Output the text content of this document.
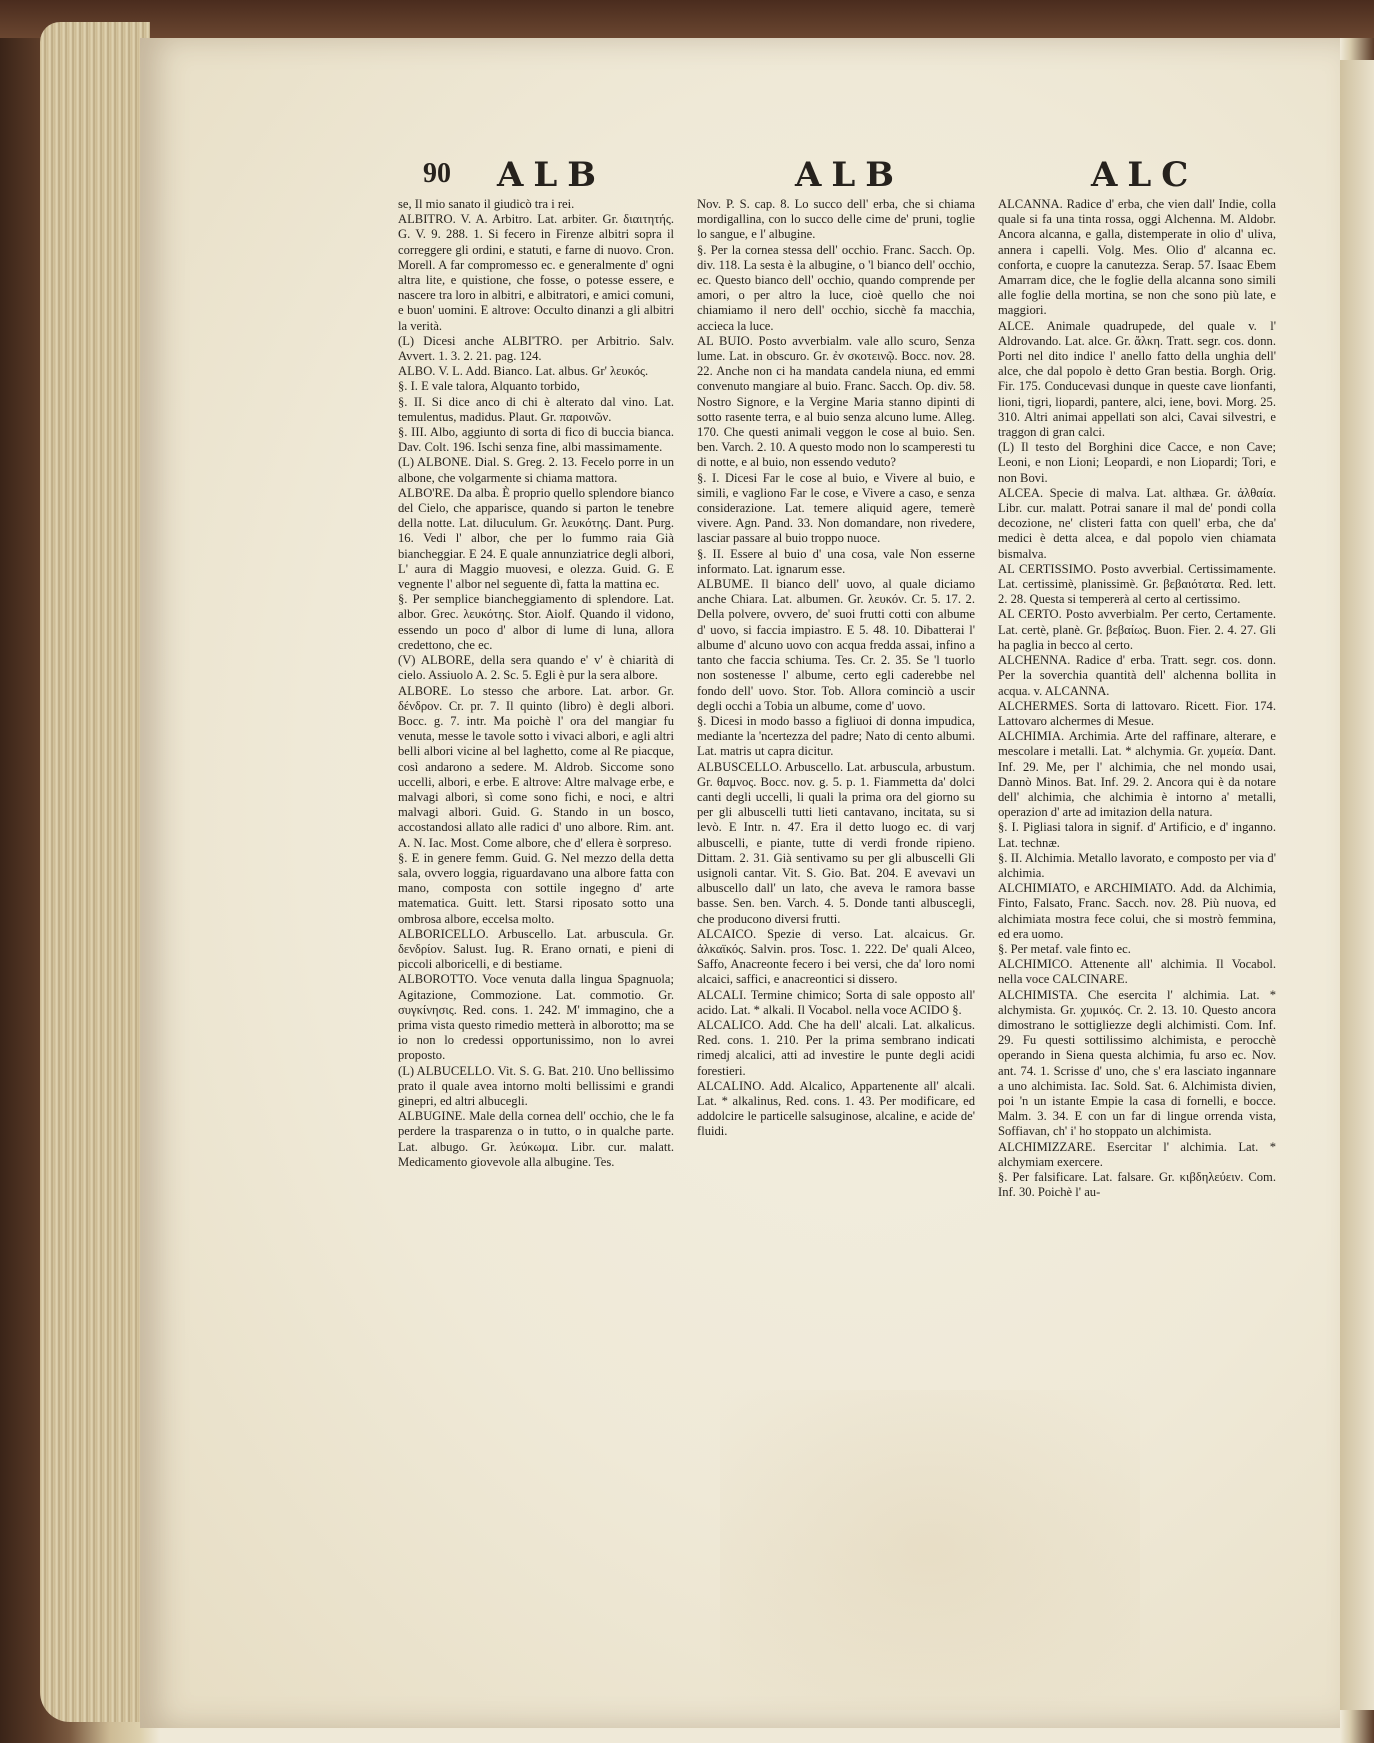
90 ALB	ALB	ALC
se, Il mio sanato il giudicò tra i rei.
ALBITRO. V. A. Arbitro. Lat. arbiter. Gr. διαιτητής. G. V. 9. 288. 1. Si fecero in Firenze albitri sopra il correggere gli ordini, e statuti, e farne di nuovo. Cron. Morell. A far compromesso ec. e generalmente d' ogni altra lite, e quistione, che fosse, o potesse essere, e nascere tra loro in albitri, e albitratori, e amici comuni, e buon' uomini. E altrove: Occulto dinanzi a gli albitri la verità.
(L) Dicesi anche ALBI'TRO. per Arbitrio. Salv. Avvert. 1. 3. 2. 21. pag. 124.
ALBO. V. L. Add. Bianco. Lat. albus. Gr' λευκός.
§. I. E vale talora, Alquanto torbido,
§. II. Si dice anco di chi è alterato dal vino. Lat. temulentus, madidus. Plaut. Gr. παροινῶν.
§. III. Albo, aggiunto di sorta di fico di buccia bianca. Dav. Colt. 196. Ischi senza fine, albi massimamente.
(L) ALBONE. Dial. S. Greg. 2. 13. Fecelo porre in un albone, che volgarmente si chiama mattora.
ALBO'RE. Da alba. È proprio quello splendore bianco del Cielo, che apparisce, quando si parton le tenebre della notte. Lat. diluculum. Gr. λευκότης. Dant. Purg. 16. Vedi l' albor, che per lo fummo raia Già biancheggiar. E 24. E quale annunziatrice degli albori, L' aura di Maggio muovesi, e olezza. Guid. G. E vegnente l' albor nel seguente dì, fatta la mattina ec.
§. Per semplice biancheggiamento di splendore. Lat. albor. Grec. λευκότης. Stor. Aiolf. Quando il vidono, essendo un poco d' albor di lume di luna, allora credettono, che ec.
(V) ALBORE, della sera quando e' v' è chiarità di cielo. Assiuolo A. 2. Sc. 5. Egli è pur la sera albore.
ALBORE. Lo stesso che arbore. Lat. arbor. Gr. δένδρον. Cr. pr. 7. Il quinto (libro) è degli albori. Bocc. g. 7. intr. Ma poichè l' ora del mangiar fu venuta, messe le tavole sotto i vivaci albori, e agli altri belli albori vicine al bel laghetto, come al Re piacque, così andarono a sedere. M. Aldrob. Siccome sono uccelli, albori, e erbe. E altrove: Altre malvage erbe, e malvagi albori, sì come sono fichi, e noci, e altri malvagi albori. Guid. G. Stando in un bosco, accostandosi allato alle radici d' uno albore. Rim. ant. A. N. Iac. Most. Come albore, che d' ellera è sorpreso.
§. E in genere femm. Guid. G. Nel mezzo della detta sala, ovvero loggia, riguardavano una albore fatta con mano, composta con sottile ingegno d' arte matematica. Guitt. lett. Starsi riposato sotto una ombrosa albore, eccelsa molto.
ALBORICELLO. Arbuscello. Lat. arbuscula. Gr. δενδρίον. Salust. Iug. R. Erano ornati, e pieni di piccoli alboricelli, e di bestiame.
ALBOROTTO. Voce venuta dalla lingua Spagnuola; Agitazione, Commozione. Lat. commotio. Gr. συγκίνησις. Red. cons. 1. 242. M' immagino, che a prima vista questo rimedio metterà in alborotto; ma se io non lo credessi opportunissimo, non lo avrei proposto.
(L) ALBUCELLO. Vit. S. G. Bat. 210. Uno bellissimo prato il quale avea intorno molti bellissimi e grandi ginepri, ed altri albucegli.
ALBUGINE. Male della cornea dell' occhio, che le fa perdere la trasparenza o in tutto, o in qualche parte. Lat. albugo. Gr. λεύκωμα. Libr. cur. malatt. Medicamento giovevole alla albugine. Tes.
Nov. P. S. cap. 8. Lo succo dell' erba, che si chiama mordigallina, con lo succo delle cime de' pruni, toglie lo sangue, e l' albugine.
§. Per la cornea stessa dell' occhio. Franc. Sacch. Op. div. 118. La sesta è la albugine, o 'l bianco dell' occhio, ec. Questo bianco dell' occhio, quando comprende per amori, o per altro la luce, cioè quello che noi chiamiamo il nero dell' occhio, sicchè fa macchia, accieca la luce.
AL BUIO. Posto avverbialm. vale allo scuro, Senza lume. Lat. in obscuro. Gr. ἐν σκοτεινῷ. Bocc. nov. 28. 22. Anche non ci ha mandata candela niuna, ed emmi convenuto mangiare al buio. Franc. Sacch. Op. div. 58. Nostro Signore, e la Vergine Maria stanno dipinti di sotto rasente terra, e al buio senza alcuno lume. Alleg. 170. Che questi animali veggon le cose al buio. Sen. ben. Varch. 2. 10. A questo modo non lo scamperesti tu di notte, e al buio, non essendo veduto?
§. I. Dicesi Far le cose al buio, e Vivere al buio, e simili, e vagliono Far le cose, e Vivere a caso, e senza considerazione. Lat. temere aliquid agere, temerè vivere. Agn. Pand. 33. Non domandare, non rivedere, lasciar passare al buio troppo nuoce.
§. II. Essere al buio d' una cosa, vale Non esserne informato. Lat. ignarum esse.
ALBUME. Il bianco dell' uovo, al quale diciamo anche Chiara. Lat. albumen. Gr. λευκόν. Cr. 5. 17. 2. Della polvere, ovvero, de' suoi frutti cotti con albume d' uovo, si faccia impiastro. E 5. 48. 10. Dibatterai l' albume d' alcuno uovo con acqua fredda assai, infino a tanto che faccia schiuma. Tes. Cr. 2. 35. Se 'l tuorlo non sostenesse l' albume, certo egli caderebbe nel fondo dell' uovo. Stor. Tob. Allora cominciò a uscir degli occhi a Tobia un albume, come d' uovo.
§. Dicesi in modo basso a figliuoi di donna impudica, mediante la 'ncertezza del padre; Nato di cento albumi. Lat. matris ut capra dicitur.
ALBUSCELLO. Arbuscello. Lat. arbuscula, arbustum. Gr. θαμνος. Bocc. nov. g. 5. p. 1. Fiammetta da' dolci canti degli uccelli, li quali la prima ora del giorno su per gli albuscelli tutti lieti cantavano, incitata, su si levò. E Intr. n. 47. Era il detto luogo ec. di varj albuscelli, e piante, tutte di verdi fronde ripieno. Dittam. 2. 31. Già sentivamo su per gli albuscelli Gli usignoli cantar. Vit. S. Gio. Bat. 204. E avevavi un albuscello dall' un lato, che aveva le ramora basse basse. Sen. ben. Varch. 4. 5. Donde tanti albuscegli, che producono diversi frutti.
ALCAICO. Spezie di verso. Lat. alcaicus. Gr. ἀλκαϊκός. Salvin. pros. Tosc. 1. 222. De' quali Alceo, Saffo, Anacreonte fecero i bei versi, che da' loro nomi alcaici, saffici, e anacreontici si dissero.
ALCALI. Termine chimico; Sorta di sale opposto all' acido. Lat. * alkali. Il Vocabol. nella voce ACIDO §.
ALCALICO. Add. Che ha dell' alcali. Lat. alkalicus. Red. cons. 1. 210. Per la prima sembrano indicati rimedj alcalici, atti ad investire le punte degli acidi forestieri.
ALCALINO. Add. Alcalico, Appartenente all' alcali. Lat. * alkalinus, Red. cons. 1. 43. Per modificare, ed addolcire le particelle salsuginose, alcaline, e acide de' fluidi.
ALCANNA. Radice d' erba, che vien dall' Indie, colla quale si fa una tinta rossa, oggi Alchenna. M. Aldobr. Ancora alcanna, e galla, distemperate in olio d' uliva, annera i capelli. Volg. Mes. Olio d' alcanna ec. conforta, e cuopre la canutezza. Serap. 57. Isaac Ebem Amarram dice, che le foglie della alcanna sono simili alle foglie della mortina, se non che sono più late, e maggiori.
ALCE. Animale quadrupede, del quale v. l' Aldrovando. Lat. alce. Gr. ἄλκη. Tratt. segr. cos. donn. Porti nel dito indice l' anello fatto della unghia dell' alce, che dal popolo è detto Gran bestia. Borgh. Orig. Fir. 175. Conducevasi dunque in queste cave lionfanti, lioni, tigri, liopardi, pantere, alci, iene, bovi. Morg. 25. 310. Altri animai appellati son alci, Cavai silvestri, e traggon di gran calci.
(L) Il testo del Borghini dice Cacce, e non Cave; Leoni, e non Lioni; Leopardi, e non Liopardi; Tori, e non Bovi.
ALCEA. Specie di malva. Lat. althæa. Gr. ἀλθαία. Libr. cur. malatt. Potrai sanare il mal de' pondi colla decozione, ne' clisteri fatta con quell' erba, che da' medici è detta alcea, e dal popolo vien chiamata bismalva.
AL CERTISSIMO. Posto avverbial. Certissimamente. Lat. certissimè, planissimè. Gr. βεβαιότατα. Red. lett. 2. 28. Questa si tempererà al certo al certissimo.
AL CERTO. Posto avverbialm. Per certo, Certamente. Lat. certè, planè. Gr. βεβαίως. Buon. Fier. 2. 4. 27. Gli ha paglia in becco al certo.
ALCHENNA. Radice d' erba. Tratt. segr. cos. donn. Per la soverchia quantità dell' alchenna bollita in acqua. v. ALCANNA.
ALCHERMES. Sorta di lattovaro. Ricett. Fior. 174. Lattovaro alchermes di Mesue.
ALCHIMIA. Archimia. Arte del raffinare, alterare, e mescolare i metalli. Lat. * alchymia. Gr. χυμεία. Dant. Inf. 29. Me, per l' alchimia, che nel mondo usai, Dannò Minos. Bat. Inf. 29. 2. Ancora qui è da notare dell' alchimia, che alchimia è intorno a' metalli, operazion d' arte ad imitazion della natura.
§. I. Pigliasi talora in signif. d' Artificio, e d' inganno. Lat. technæ.
§. II. Alchimia. Metallo lavorato, e composto per via d' alchimia.
ALCHIMIATO, e ARCHIMIATO. Add. da Alchimia, Finto, Falsato, Franc. Sacch. nov. 28. Più nuova, ed alchimiata mostra fece colui, che si mostrò femmina, ed era uomo.
§. Per metaf. vale finto ec.
ALCHIMICO. Attenente all' alchimia. Il Vocabol. nella voce CALCINARE.
ALCHIMISTA. Che esercita l' alchimia. Lat. * alchymista. Gr. χυμικός. Cr. 2. 13. 10. Questo ancora dimostrano le sottigliezze degli alchimisti. Com. Inf. 29. Fu questi sottilissimo alchimista, e perocchè operando in Siena questa alchimia, fu arso ec. Nov. ant. 74. 1. Scrisse d' uno, che s' era lasciato ingannare a uno alchimista. Iac. Sold. Sat. 6. Alchimista divien, poi 'n un istante Empie la casa di fornelli, e bocce. Malm. 3. 34. E con un far di lingue orrenda vista, Soffiavan, ch' i' ho stoppato un alchimista.
ALCHIMIZZARE. Esercitar l' alchimia. Lat. * alchymiam exercere.
§. Per falsificare. Lat. falsare. Gr. κιβδηλεύειν. Com. Inf. 30. Poichè l' au-
